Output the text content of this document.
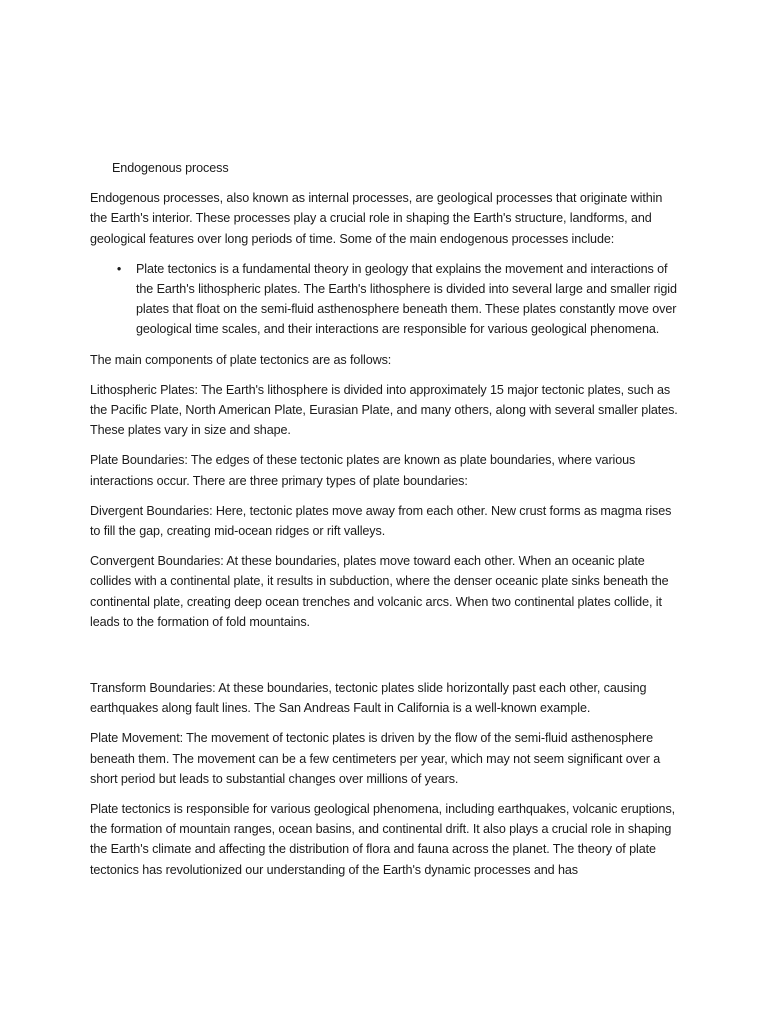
Endogenous process

Endogenous processes, also known as internal processes, are geological processes that originate within the Earth's interior. These processes play a crucial role in shaping the Earth's structure, landforms, and geological features over long periods of time. Some of the main endogenous processes include:

• Plate tectonics is a fundamental theory in geology that explains the movement and interactions of the Earth's lithospheric plates. The Earth's lithosphere is divided into several large and smaller rigid plates that float on the semi-fluid asthenosphere beneath them. These plates constantly move over geological time scales, and their interactions are responsible for various geological phenomena.

The main components of plate tectonics are as follows:

Lithospheric Plates: The Earth's lithosphere is divided into approximately 15 major tectonic plates, such as the Pacific Plate, North American Plate, Eurasian Plate, and many others, along with several smaller plates. These plates vary in size and shape.

Plate Boundaries: The edges of these tectonic plates are known as plate boundaries, where various interactions occur. There are three primary types of plate boundaries:

Divergent Boundaries: Here, tectonic plates move away from each other. New crust forms as magma rises to fill the gap, creating mid-ocean ridges or rift valleys.

Convergent Boundaries: At these boundaries, plates move toward each other. When an oceanic plate collides with a continental plate, it results in subduction, where the denser oceanic plate sinks beneath the continental plate, creating deep ocean trenches and volcanic arcs. When two continental plates collide, it leads to the formation of fold mountains.

Transform Boundaries: At these boundaries, tectonic plates slide horizontally past each other, causing earthquakes along fault lines. The San Andreas Fault in California is a well-known example.

Plate Movement: The movement of tectonic plates is driven by the flow of the semi-fluid asthenosphere beneath them. The movement can be a few centimeters per year, which may not seem significant over a short period but leads to substantial changes over millions of years.

Plate tectonics is responsible for various geological phenomena, including earthquakes, volcanic eruptions, the formation of mountain ranges, ocean basins, and continental drift. It also plays a crucial role in shaping the Earth's climate and affecting the distribution of flora and fauna across the planet. The theory of plate tectonics has revolutionized our understanding of the Earth's dynamic processes and has
